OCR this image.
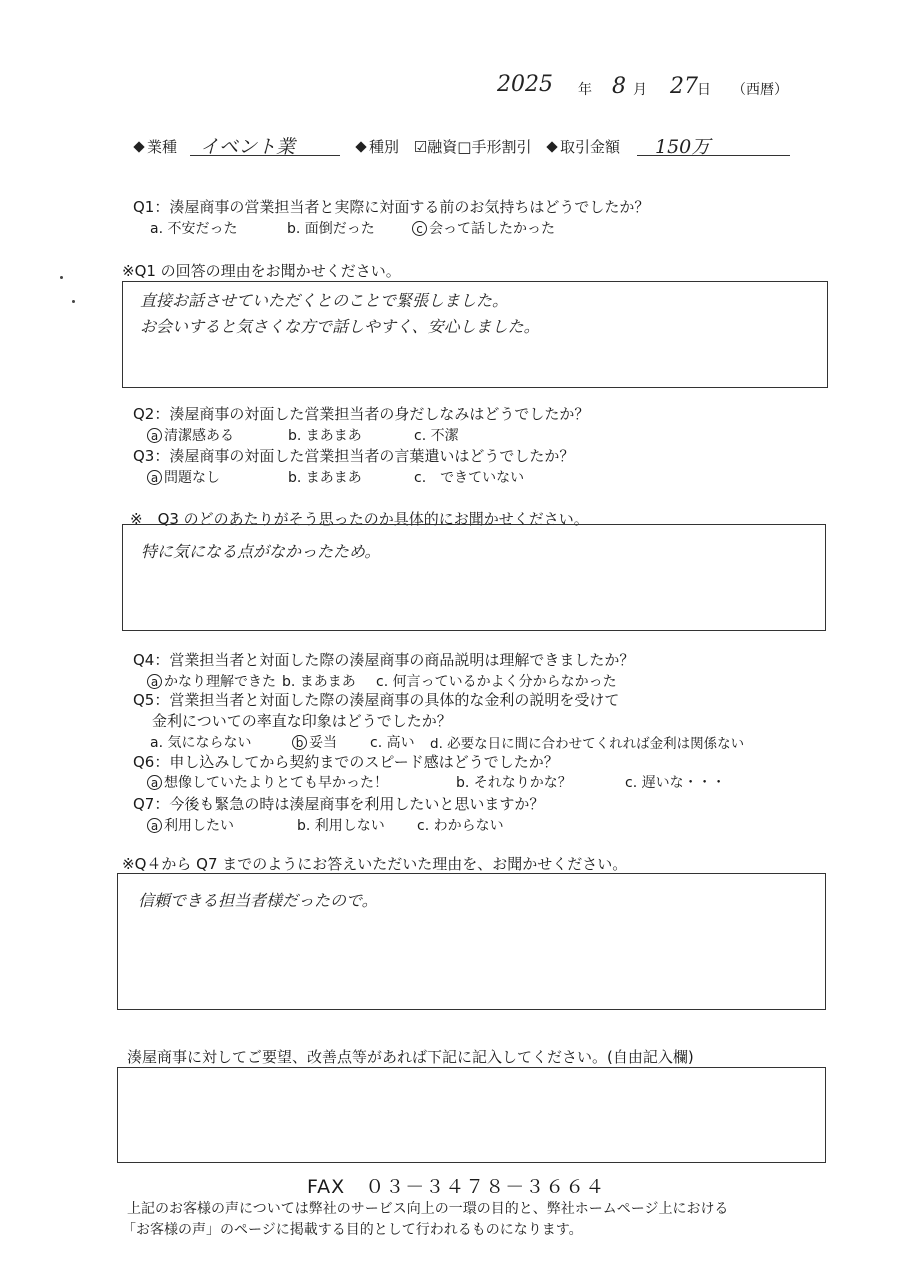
2025 年 8 月 27 日 （西暦）
業種 イベント業	種別 ☑融資□手形割引	取引金額 150万
Q1：湊屋商事の営業担当者と実際に対面する前のお気持ちはどうでしたか？
a. 不安だった	b. 面倒だった	c 会って話したかった
※Q1 の回答の理由をお聞かせください。
直接お話させていただくとのことで緊張しました。
お会いすると気さくな方で話しやすく、安心しました。
Q2：湊屋商事の対面した営業担当者の身だしなみはどうでしたか？
a 清潔感ある	b. まあまあ	c. 不潔
Q3：湊屋商事の対面した営業担当者の言葉遣いはどうでしたか？
a 問題なし	b. まあまあ	c.　できていない
※　Q3 のどのあたりがそう思ったのか具体的にお聞かせください。
特に気になる点がなかったため。
Q4：営業担当者と対面した際の湊屋商事の商品説明は理解できましたか？
a かなり理解できた b. まあまあ c. 何言っているかよく分からなかった
Q5：営業担当者と対面した際の湊屋商事の具体的な金利の説明を受けて
金利についての率直な印象はどうでしたか？
a. 気にならない	b 妥当 c. 高い d. 必要な日に間に合わせてくれれば金利は関係ない
Q6：申し込みしてから契約までのスピード感はどうでしたか？
a 想像していたよりとても早かった！	b. それなりかな？	c. 遅いな・・・
Q7：今後も緊急の時は湊屋商事を利用したいと思いますか？
a 利用したい	b. 利用しない c. わからない
※Q４から Q7 までのようにお答えいただいた理由を、お聞かせください。
信頼できる担当者様だったので。
湊屋商事に対してご要望、改善点等があれば下記に記入してください。(自由記入欄)
FAX　０３－３４７８－３６６４
上記のお客様の声については弊社のサービス向上の一環の目的と、弊社ホームページ上における
「お客様の声」のページに掲載する目的として行われるものになります。
